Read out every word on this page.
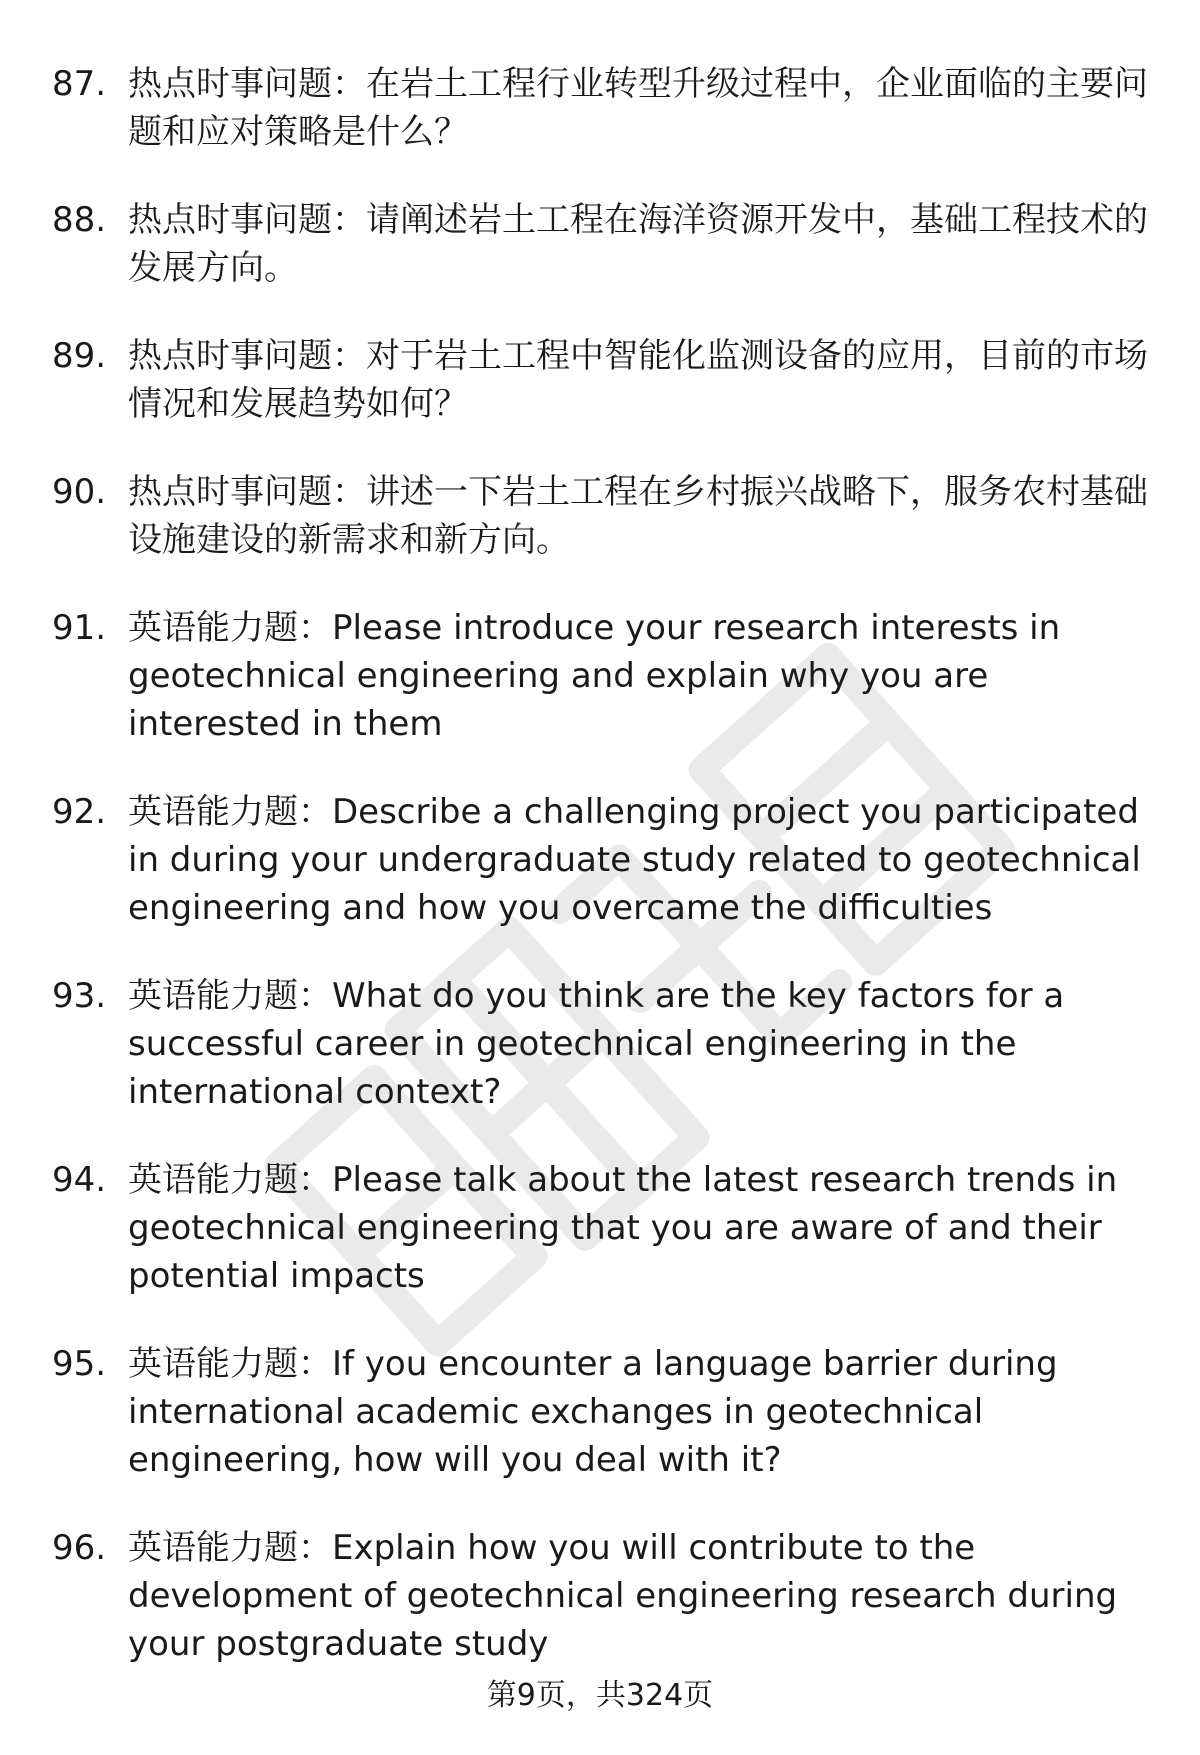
87. 热点时事问题：在岩土工程行业转型升级过程中，企业面临的主要问题和应对策略是什么？
88. 热点时事问题：请阐述岩土工程在海洋资源开发中，基础工程技术的发展方向。
89. 热点时事问题：对于岩土工程中智能化监测设备的应用，目前的市场情况和发展趋势如何？
90. 热点时事问题：讲述一下岩土工程在乡村振兴战略下，服务农村基础设施建设的新需求和新方向。
91. 英语能力题：Please introduce your research interests in geotechnical engineering and explain why you are interested in them
92. 英语能力题：Describe a challenging project you participated in during your undergraduate study related to geotechnical engineering and how you overcame the difficulties
93. 英语能力题：What do you think are the key factors for a successful career in geotechnical engineering in the international context?
94. 英语能力题：Please talk about the latest research trends in geotechnical engineering that you are aware of and their potential impacts
95. 英语能力题：If you encounter a language barrier during international academic exchanges in geotechnical engineering, how will you deal with it?
96. 英语能力题：Explain how you will contribute to the development of geotechnical engineering research during your postgraduate study
第9页，共324页
